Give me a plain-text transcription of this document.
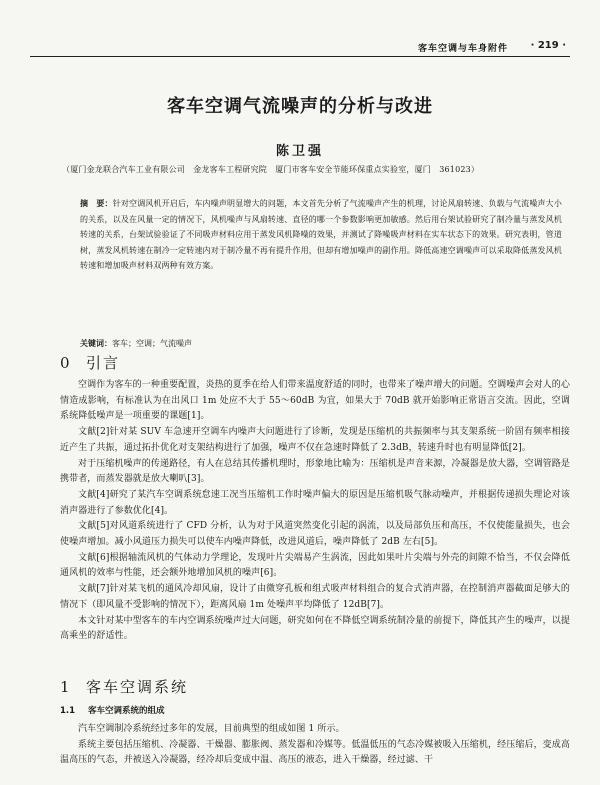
客车空调与车身附件 · 219 ·
客车空调气流噪声的分析与改进
陈卫强
（厦门金龙联合汽车工业有限公司　金龙客车工程研究院　厦门市客车安全节能环保重点实验室，厦门　361023）
摘　要：针对空调风机开启后，车内噪声明显增大的问题，本文首先分析了气流噪声产生的机理，讨论风扇转速、负载与气流噪声大小的关系，以及在风量一定的情况下，风机噪声与风扇转速、直径的哪一个参数影响更加敏感。然后用台架试验研究了制冷量与蒸发风机转速的关系，台架试验验证了不同吸声材料应用于蒸发风机降噪的效果，并测试了降噪吸声材料在实车状态下的效果。研究表明，管道树，蒸发风机转速在制冷一定转速内对于制冷量不再有提升作用，但却有增加噪声的副作用。降低高速空调噪声可以采取降低蒸发风机转速和增加吸声材料双两种有效方案。
关键词：客车；空调；气流噪声
0 引言

空调作为客车的一种重要配置，炎热的夏季在给人们带来温度舒适的同时，也带来了噪声增大的问题。空调噪声会对人的心情造成影响，有标准认为在出风口 1m 处应不大于 55～60dB 为宜，如果大于 70dB 就开始影响正常语言交流。因此，空调系统降低噪声是一项重要的课题[1]。

文献[2]针对某 SUV 车急速开空调车内噪声大问题进行了诊断，发现是压缩机的共振频率与其支架系统一阶固有频率相接近产生了共振，通过拓扑优化对支架结构进行了加强，噪声不仅在急速时降低了 2.3dB，转速升时也有明显降低[2]。

对于压缩机噪声的传递路径，有人在总结其传播机理时，形象地比喻为：压缩机是声音来源，冷凝器是放大器，空调管路是携带者，而蒸发器就是放大喇叭[3]。

文献[4]研究了某汽车空调系统怠速工况当压缩机工作时噪声偏大的原因是压缩机吸气脉动噪声，并根据传递损失理论对该消声器进行了参数优化[4]。

文献[5]对风道系统进行了 CFD 分析，认为对于风道突然变化引起的涡流，以及局部负压和高压，不仅使能量损失，也会使噪声增加。减小风道压力损失可以使车内噪声降低，改进风道后，噪声降低了 2dB 左右[5]。

文献[6]根据轴流风机的气体动力学理论，发现叶片尖端易产生涡流，因此如果叶片尖端与外壳的间隙不恰当，不仅会降低通风机的效率与性能，还会额外地增加风机的噪声[6]。

文献[7]针对某飞机的通风冷却风扇，设计了由微穿孔板和组式吸声材料组合的复合式消声器，在控制消声器截面足够大的情况下（即风量不受影响的情况下），距离风扇 1m 处噪声平均降低了 12dB[7]。

本文针对某中型客车的车内空调系统噪声过大问题，研究如何在不降低空调系统制冷量的前提下，降低其产生的噪声，以提高乘坐的舒适性。

1 客车空调系统
1.1 客车空调系统的组成

汽车空调制冷系统经过多年的发展，目前典型的组成如图 1 所示。

系统主要包括压缩机、冷凝器、干燥器、膨胀阀、蒸发器和冷媒等。低温低压的气态冷媒被吸入压缩机，经压缩后，变成高温高压的气态，并被送入冷凝器，经冷却后变成中温、高压的液态，进入干燥器，经过滤、干
